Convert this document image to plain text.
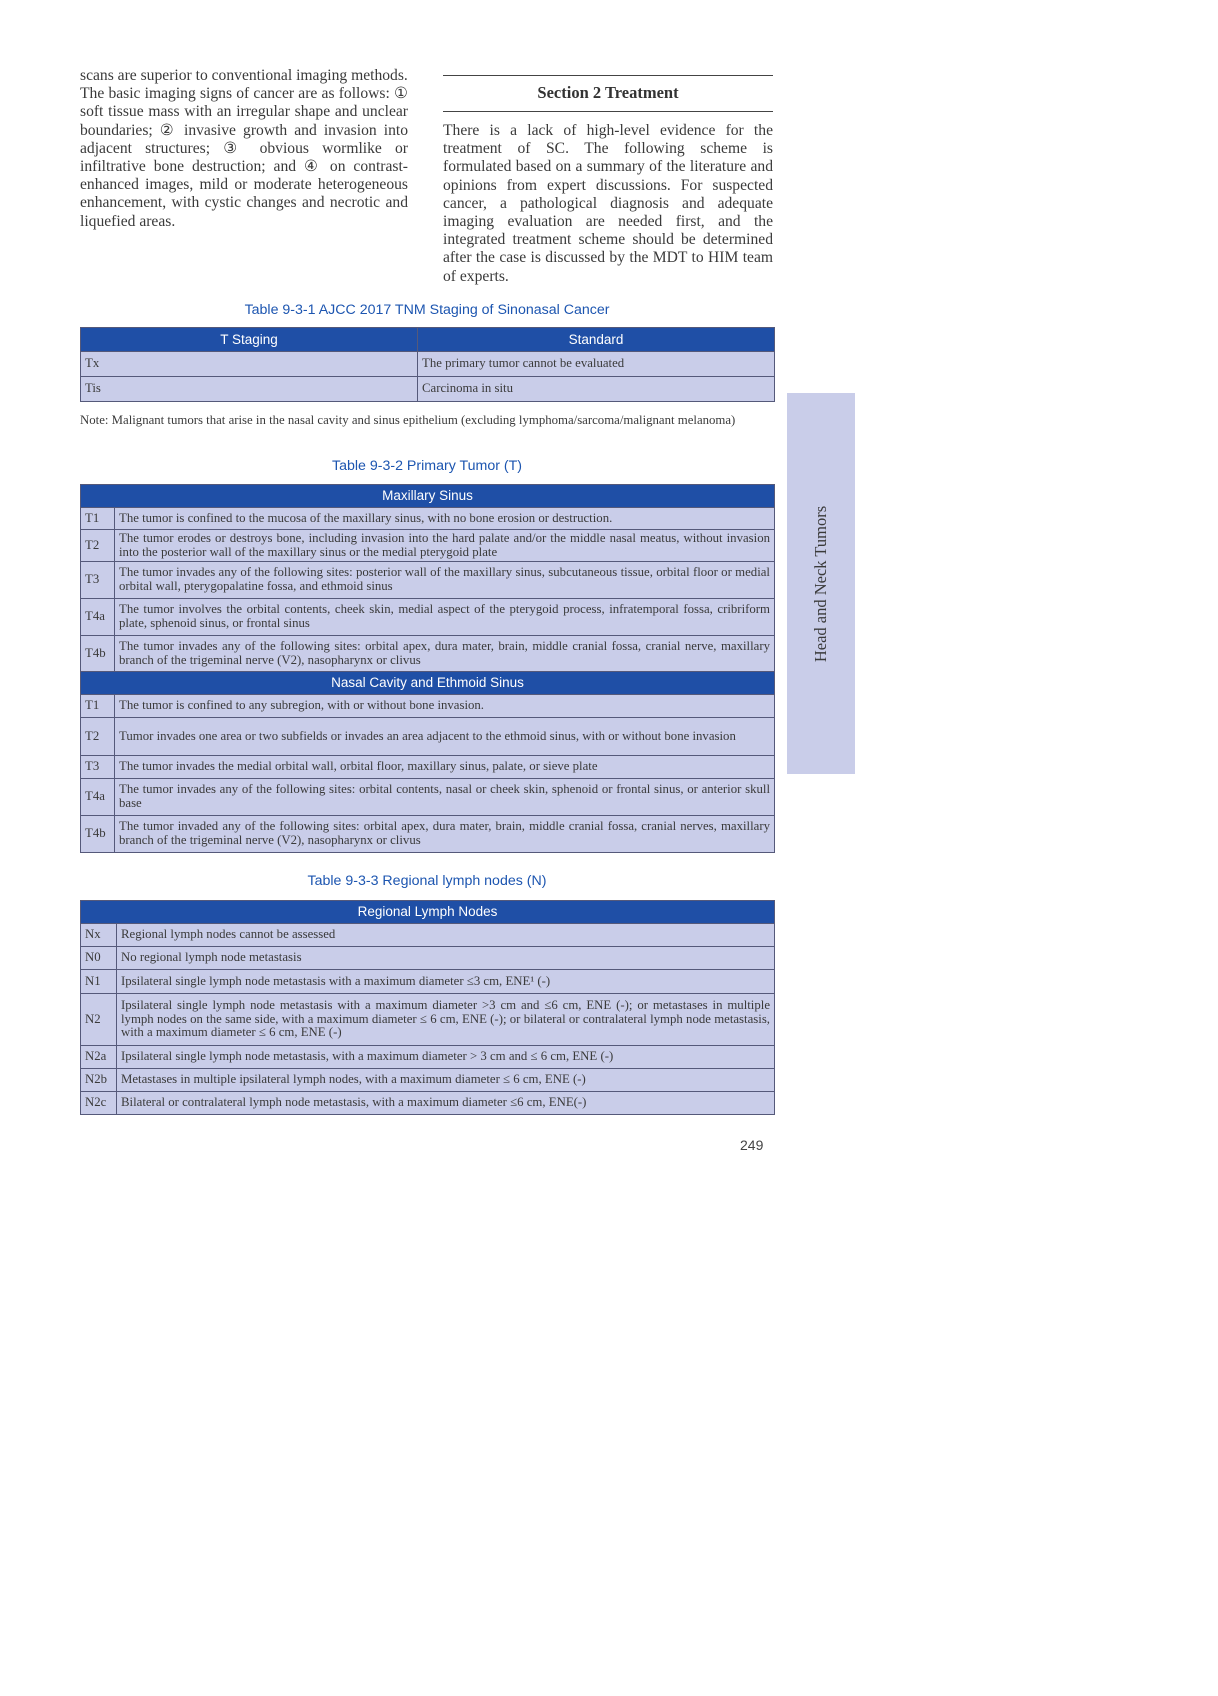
scans are superior to conventional imaging methods.

The basic imaging signs of cancer are as follows: ① soft tissue mass with an irregular shape and unclear boundaries; ② invasive growth and invasion into adjacent structures; ③ obvious wormlike or infiltrative bone destruction; and ④ on contrast-enhanced images, mild or moderate heterogeneous enhancement, with cystic changes and necrotic and liquefied areas.

Section 2 Treatment

There is a lack of high-level evidence for the treatment of SC. The following scheme is formulated based on a summary of the literature and opinions from expert discussions. For suspected cancer, a pathological diagnosis and adequate imaging evaluation are needed first, and the integrated treatment scheme should be determined after the case is discussed by the MDT to HIM team of experts.

Table 9-3-1 AJCC 2017 TNM Staging of Sinonasal Cancer
T Staging	Standard
Tx	The primary tumor cannot be evaluated
Tis	Carcinoma in situ
Note: Malignant tumors that arise in the nasal cavity and sinus epithelium (excluding lymphoma/sarcoma/malignant melanoma)
Table 9-3-2 Primary Tumor (T)
Maxillary Sinus	
T1	The tumor is confined to the mucosa of the maxillary sinus, with no bone erosion or destruction.
T2	The tumor erodes or destroys bone, including invasion into the hard palate and/or the middle nasal meatus, without invasion into the posterior wall of the maxillary sinus or the medial pterygoid plate
T3	The tumor invades any of the following sites: posterior wall of the maxillary sinus, subcutaneous tissue, orbital floor or medial orbital wall, pterygopalatine fossa, and ethmoid sinus
T4a	The tumor involves the orbital contents, cheek skin, medial aspect of the pterygoid process, infratemporal fossa, cribriform plate, sphenoid sinus, or frontal sinus
T4b	The tumor invades any of the following sites: orbital apex, dura mater, brain, middle cranial fossa, cranial nerve, maxillary branch of the trigeminal nerve (V2), nasopharynx or clivus
Nasal Cavity and Ethmoid Sinus	
T1	The tumor is confined to any subregion, with or without bone invasion.
T2	Tumor invades one area or two subfields or invades an area adjacent to the ethmoid sinus, with or without bone invasion
T3	The tumor invades the medial orbital wall, orbital floor, maxillary sinus, palate, or sieve plate
T4a	The tumor invades any of the following sites: orbital contents, nasal or cheek skin, sphenoid or frontal sinus, or anterior skull base
T4b	The tumor invaded any of the following sites: orbital apex, dura mater, brain, middle cranial fossa, cranial nerves, maxillary branch of the trigeminal nerve (V2), nasopharynx or clivus
Table 9-3-3 Regional lymph nodes (N)
Regional Lymph Nodes	
Nx	Regional lymph nodes cannot be assessed
N0	No regional lymph node metastasis
N1	Ipsilateral single lymph node metastasis with a maximum diameter ≤3 cm, ENE¹ (-)
N2	Ipsilateral single lymph node metastasis with a maximum diameter >3 cm and ≤6 cm, ENE (-); or metastases in multiple lymph nodes on the same side, with a maximum diameter ≤ 6 cm, ENE (-); or bilateral or contralateral lymph node metastasis, with a maximum diameter ≤ 6 cm, ENE (-)
N2a	Ipsilateral single lymph node metastasis, with a maximum diameter > 3 cm and ≤ 6 cm, ENE (-)
N2b	Metastases in multiple ipsilateral lymph nodes, with a maximum diameter ≤ 6 cm, ENE (-)
N2c	Bilateral or contralateral lymph node metastasis, with a maximum diameter ≤6 cm, ENE(-)
Head and Neck Tumors
249
